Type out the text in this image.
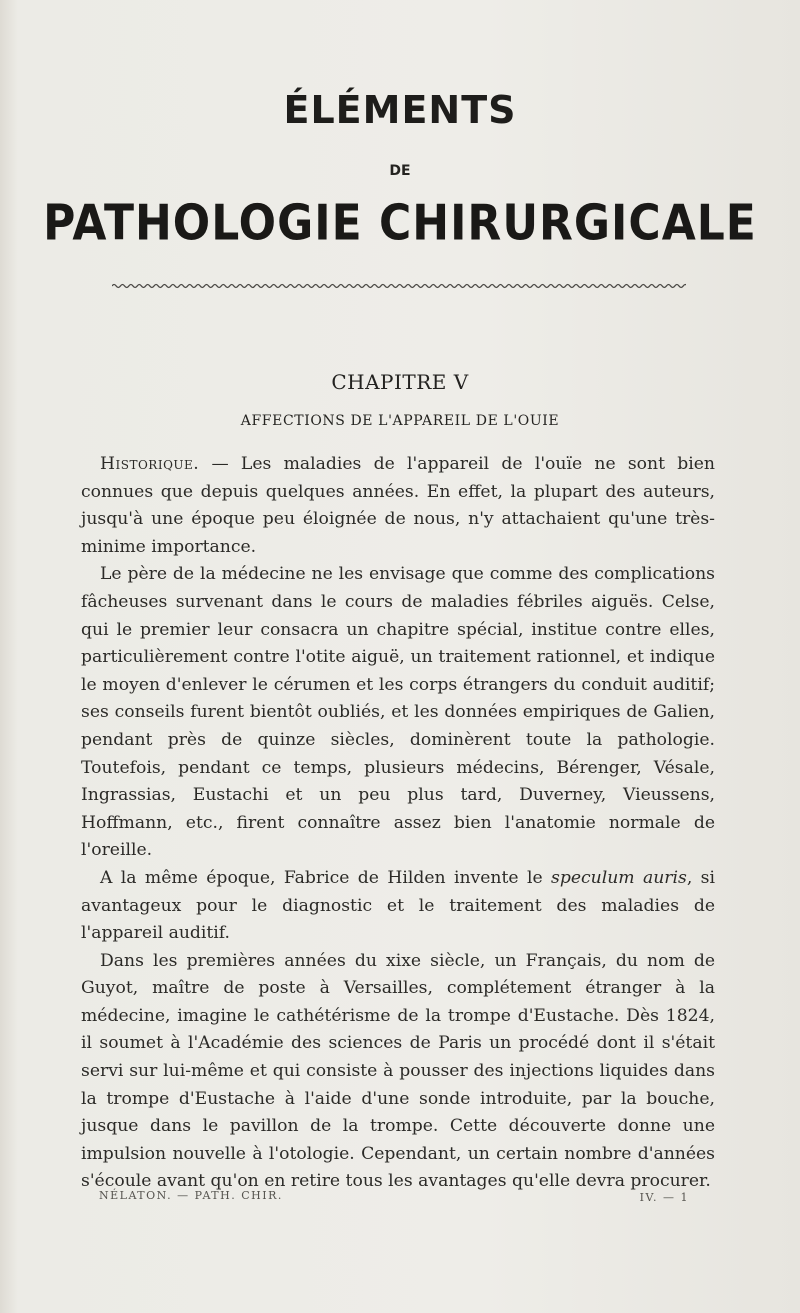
ÉLÉMENTS
DE
PATHOLOGIE CHIRURGICALE
CHAPITRE V
AFFECTIONS DE L'APPAREIL DE L'OUIE

Historique. — Les maladies de l'appareil de l'ouïe ne sont bien connues que depuis quelques années. En effet, la plupart des auteurs, jusqu'à une époque peu éloignée de nous, n'y attachaient qu'une très-minime importance.

Le père de la médecine ne les envisage que comme des complications fâcheuses survenant dans le cours de maladies fébriles aiguës. Celse, qui le premier leur consacra un chapitre spécial, institue contre elles, particulièrement contre l'otite aiguë, un traitement rationnel, et indique le moyen d'enlever le cérumen et les corps étrangers du conduit auditif; ses conseils furent bientôt oubliés, et les données empiriques de Galien, pendant près de quinze siècles, dominèrent toute la pathologie. Toutefois, pendant ce temps, plusieurs médecins, Bérenger, Vésale, Ingrassias, Eustachi et un peu plus tard, Duverney, Vieussens, Hoffmann, etc., firent connaître assez bien l'anatomie normale de l'oreille.

A la même époque, Fabrice de Hilden invente le speculum auris, si avantageux pour le diagnostic et le traitement des maladies de l'appareil auditif.

Dans les premières années du xixe siècle, un Français, du nom de Guyot, maître de poste à Versailles, complétement étranger à la médecine, imagine le cathétérisme de la trompe d'Eustache. Dès 1824, il soumet à l'Académie des sciences de Paris un procédé dont il s'était servi sur lui-même et qui consiste à pousser des injections liquides dans la trompe d'Eustache à l'aide d'une sonde introduite, par la bouche, jusque dans le pavillon de la trompe. Cette découverte donne une impulsion nouvelle à l'otologie. Cependant, un certain nombre d'années s'écoule avant qu'on en retire tous les avantages qu'elle devra procurer.

NÉLATON. — PATH. CHIR.	IV. — 1
